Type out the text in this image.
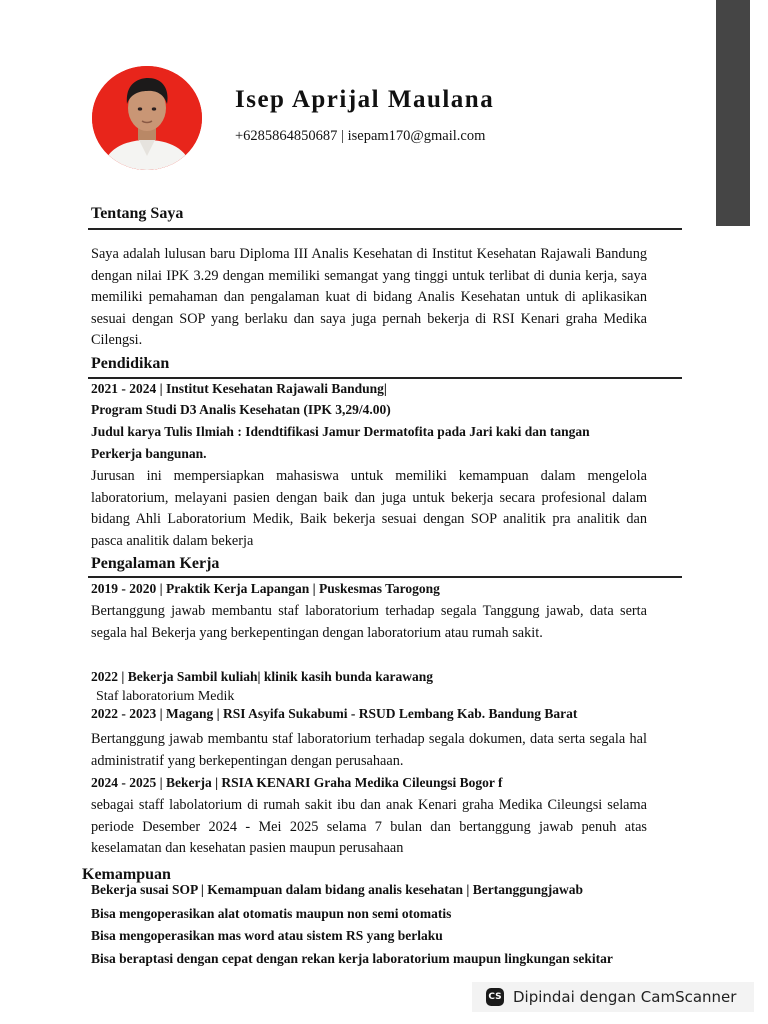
Isep Aprijal Maulana
+6285864850687 | isepam170@gmail.com
Tentang Saya

Saya adalah lulusan baru Diploma III Analis Kesehatan di Institut Kesehatan Rajawali Bandung dengan nilai IPK 3.29 dengan memiliki semangat yang tinggi untuk terlibat di dunia kerja, saya memiliki pemahaman dan pengalaman kuat di bidang Analis Kesehatan untuk di aplikasikan sesuai dengan SOP yang berlaku dan saya juga pernah bekerja di RSI Kenari graha Medika Cilengsi.

Pendidikan
2021 - 2024 | Institut Kesehatan Rajawali Bandung|
Program Studi D3 Analis Kesehatan (IPK 3,29/4.00)
Judul karya Tulis Ilmiah : Idendtifikasi Jamur Dermatofita pada Jari kaki dan tangan
Perkerja bangunan.

Jurusan ini mempersiapkan mahasiswa untuk memiliki kemampuan dalam mengelola laboratorium, melayani pasien dengan baik dan juga untuk bekerja secara profesional dalam bidang Ahli Laboratorium Medik, Baik bekerja sesuai dengan SOP analitik pra analitik dan pasca analitik dalam bekerja

Pengalaman Kerja
2019 - 2020 | Praktik Kerja Lapangan | Puskesmas Tarogong

Bertanggung jawab membantu staf laboratorium terhadap segala Tanggung jawab, data serta segala hal Bekerja yang berkepentingan dengan laboratorium atau rumah sakit.

2022 | Bekerja Sambil kuliah| klinik kasih bunda karawang
Staf laboratorium Medik
2022 - 2023 | Magang | RSI Asyifa Sukabumi - RSUD Lembang Kab. Bandung Barat

Bertanggung jawab membantu staf laboratorium terhadap segala dokumen, data serta segala hal administratif yang berkepentingan dengan perusahaan.

2024 - 2025 | Bekerja | RSIA KENARI Graha Medika Cileungsi Bogor f

sebagai staff labolatorium di rumah sakit ibu dan anak Kenari graha Medika Cileungsi selama periode Desember 2024 - Mei 2025 selama 7 bulan dan bertanggung jawab penuh atas keselamatan dan kesehatan pasien maupun perusahaan

Kemampuan
Bekerja susai SOP | Kemampuan dalam bidang analis kesehatan | Bertanggungjawab
Bisa mengoperasikan alat otomatis maupun non semi otomatis
Bisa mengoperasikan mas word atau sistem RS yang berlaku
Bisa beraptasi dengan cepat dengan rekan kerja laboratorium maupun lingkungan sekitar
CS Dipindai dengan CamScanner
